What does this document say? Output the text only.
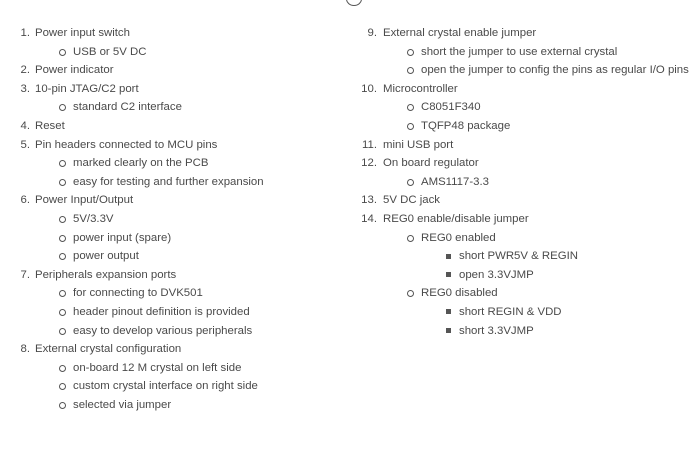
1. Power input switch
USB or 5V DC
2. Power indicator
3. 10-pin JTAG/C2 port
standard C2 interface
4. Reset
5. Pin headers connected to MCU pins
marked clearly on the PCB
easy for testing and further expansion
6. Power Input/Output
5V/3.3V
power input (spare)
power output
7. Peripherals expansion ports
for connecting to DVK501
header pinout definition is provided
easy to develop various peripherals
8. External crystal configuration
on-board 12 M crystal on left side
custom crystal interface on right side
selected via jumper
9. External crystal enable jumper
short the jumper to use external crystal
open the jumper to config the pins as regular I/O pins
10. Microcontroller
C8051F340
TQFP48 package
11. mini USB port
12. On board regulator
AMS1117-3.3
13. 5V DC jack
14. REG0 enable/disable jumper
REG0 enabled
short PWR5V & REGIN
open 3.3VJMP
REG0 disabled
short REGIN & VDD
short 3.3VJMP
